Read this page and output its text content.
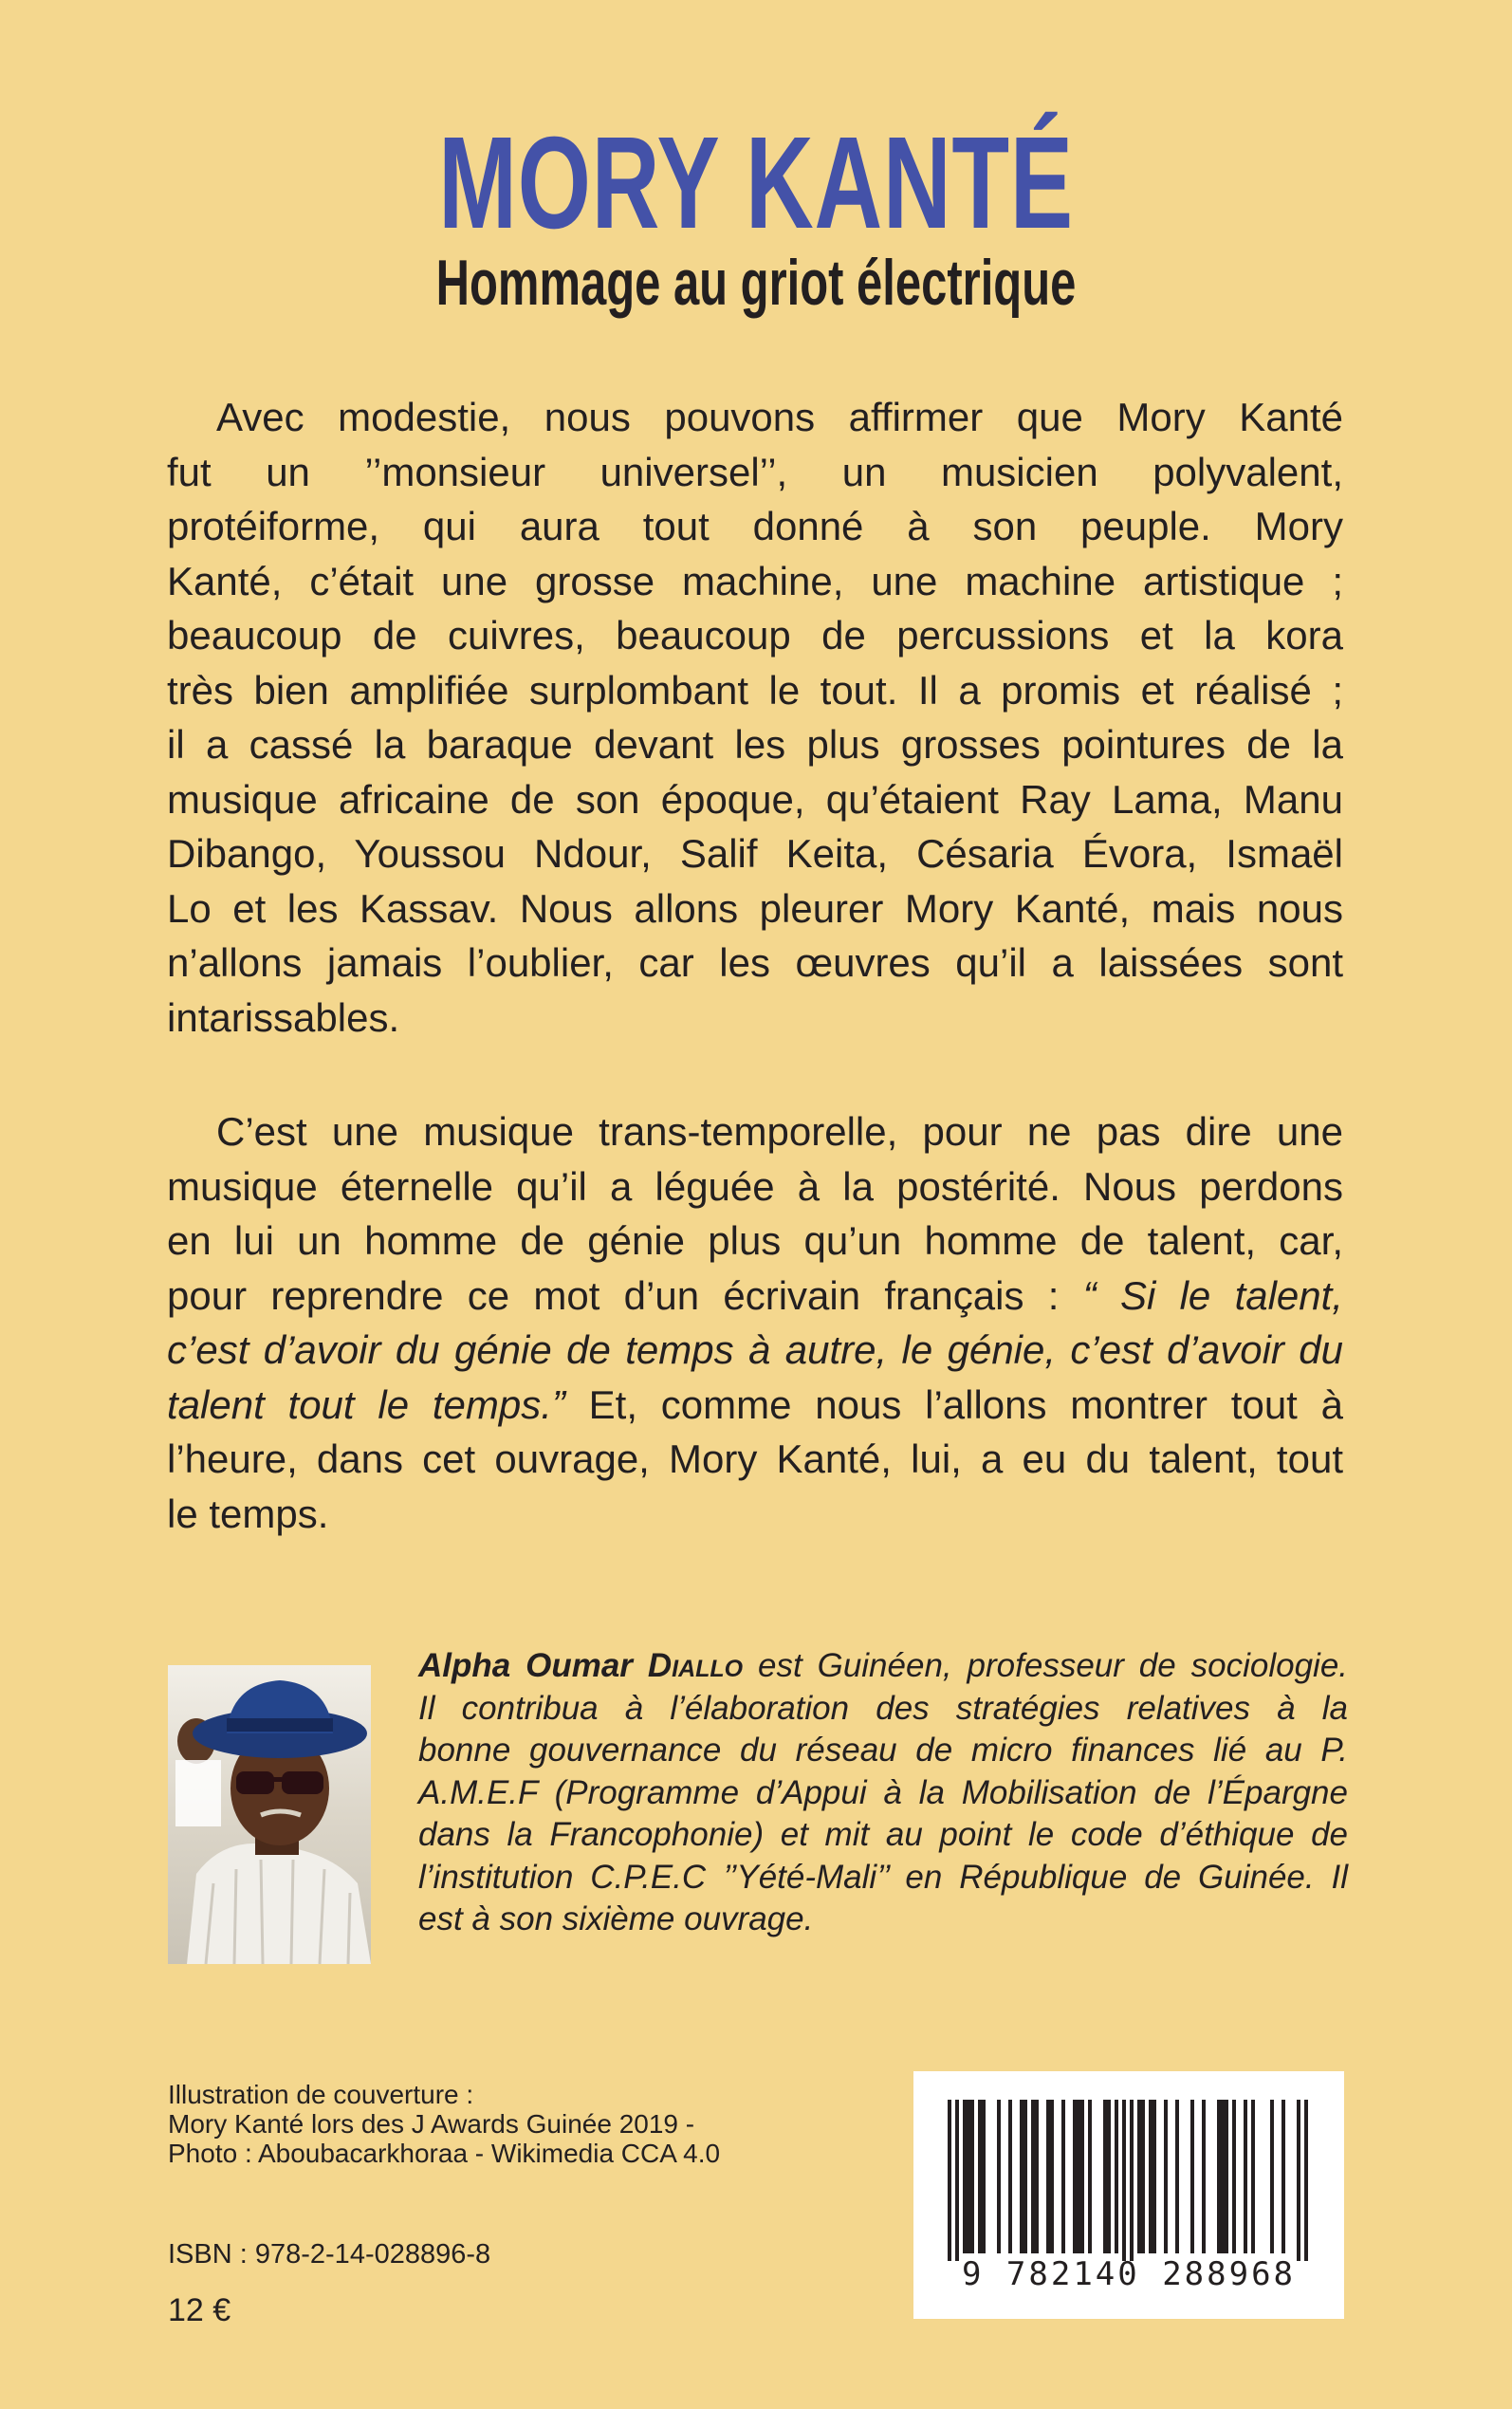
MORY KANTÉ
Hommage au griot électrique
Avec modestie, nous pouvons affirmer que Mory Kanté
fut un ’’monsieur universel’’, un musicien polyvalent,
protéiforme, qui aura tout donné à son peuple. Mory
Kanté, c’était une grosse machine, une machine artistique ;
beaucoup de cuivres, beaucoup de percussions et la kora
très bien amplifiée surplombant le tout. Il a promis et réalisé ;
il a cassé la baraque devant les plus grosses pointures de la
musique africaine de son époque, qu’étaient Ray Lama, Manu
Dibango, Youssou Ndour, Salif Keita, Césaria Évora, Ismaël
Lo et les Kassav. Nous allons pleurer Mory Kanté, mais nous
n’allons jamais l’oublier, car les œuvres qu’il a laissées sont
intarissables.
C’est une musique trans-temporelle, pour ne pas dire une
musique éternelle qu’il a léguée à la postérité. Nous perdons
en lui un homme de génie plus qu’un homme de talent, car,
pour reprendre ce mot d’un écrivain français : “ Si le talent,
c’est d’avoir du génie de temps à autre, le génie, c’est d’avoir du
talent tout le temps.” Et, comme nous l’allons montrer tout à
l’heure, dans cet ouvrage, Mory Kanté, lui, a eu du talent, tout
le temps.
Alpha Oumar Diallo est Guinéen, professeur de sociologie.
Il contribua à l’élaboration des stratégies relatives à la
bonne gouvernance du réseau de micro finances lié au P.
A.M.E.F (Programme d’Appui à la Mobilisation de l’Épargne
dans la Francophonie) et mit au point le code d’éthique de
l’institution C.P.E.C ’’Yété-Mali’’ en République de Guinée. Il
est à son sixième ouvrage.
Illustration de couverture :
Mory Kanté lors des J Awards Guinée 2019 -
Photo : Aboubacarkhoraa - Wikimedia CCA 4.0
ISBN : 978-2-14-028896-8
12 €
9 782140 288968
